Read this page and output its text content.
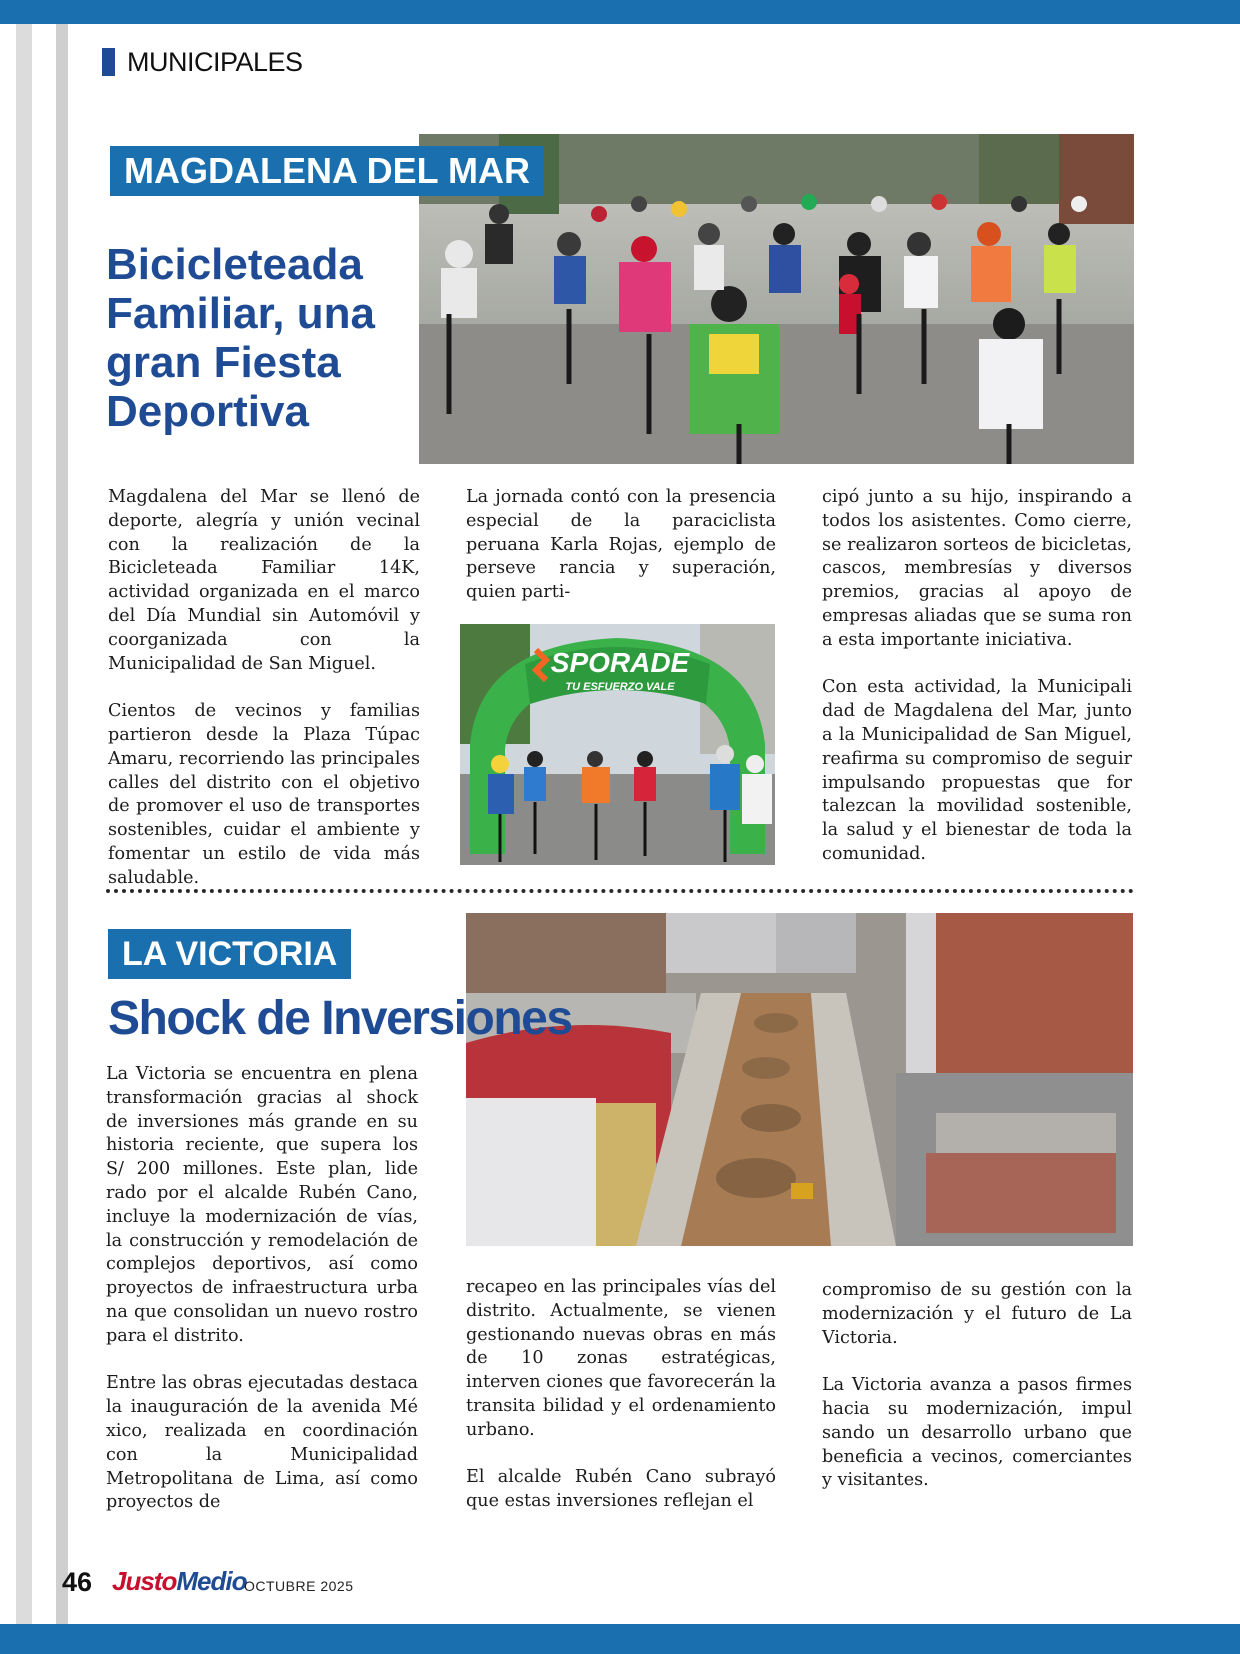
MUNICIPALES
MAGDALENA DEL MAR
Bicicleteada
Familiar, una
gran Fiesta
Deportiva

Magdalena del Mar se llenó de deporte, alegría y unión vecinal con la realización de la Bicicleteada Familiar 14K, actividad organizada en el marco del Día Mundial sin Automóvil y coorganizada con la Municipalidad de San Miguel.

Cientos de vecinos y familias partieron desde la Plaza Túpac Amaru, recorriendo las principales calles del distrito con el objetivo de promover el uso de transportes sostenibles, cuidar el ambiente y fomentar un estilo de vida más saludable.

La jornada contó con la presencia especial de la paraciclista peruana Karla Rojas, ejemplo de perseve rancia y superación, quien parti-

SPORADE
TU ESFUERZO VALE

cipó junto a su hijo, inspirando a todos los asistentes. Como cierre, se realizaron sorteos de bicicletas, cascos, membresías y diversos premios, gracias al apoyo de empresas aliadas que se suma ron a esta importante iniciativa.

Con esta actividad, la Municipali dad de Magdalena del Mar, junto a la Municipalidad de San Miguel, reafirma su compromiso de seguir impulsando propuestas que for talezcan la movilidad sostenible, la salud y el bienestar de toda la comunidad.

LA VICTORIA
Shock de Inversiones

La Victoria se encuentra en plena transformación gracias al shock de inversiones más grande en su historia reciente, que supera los S/ 200 millones. Este plan, lide rado por el alcalde Rubén Cano, incluye la modernización de vías, la construcción y remodelación de complejos deportivos, así como proyectos de infraestructura urba na que consolidan un nuevo rostro para el distrito.

Entre las obras ejecutadas destaca la inauguración de la avenida Mé xico, realizada en coordinación con la Municipalidad Metropolitana de Lima, así como proyectos de

recapeo en las principales vías del distrito. Actualmente, se vienen gestionando nuevas obras en más de 10 zonas estratégicas, interven ciones que favorecerán la transita bilidad y el ordenamiento urbano.

El alcalde Rubén Cano subrayó que estas inversiones reflejan el

compromiso de su gestión con la modernización y el futuro de La Victoria.

La Victoria avanza a pasos firmes hacia su modernización, impul sando un desarrollo urbano que beneficia a vecinos, comerciantes y visitantes.

46 JustoMedio
OCTUBRE 2025
